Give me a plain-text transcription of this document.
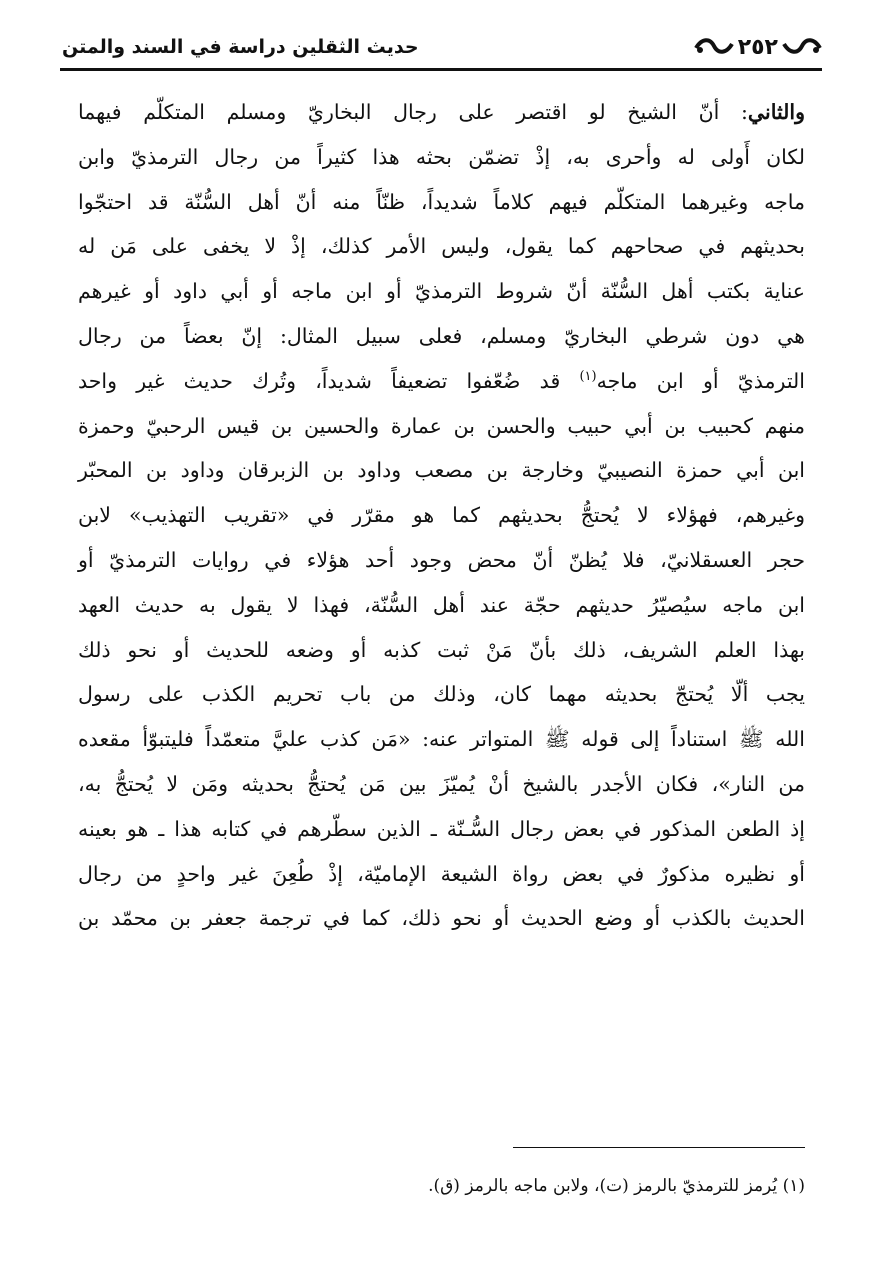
حديث الثقلين دراسة في السند والمتن	٢٥٢
والثاني: أنّ الشيخ لو اقتصر على رجال البخاريّ ومسلم المتكلّم فيهما
لكان أَولى له وأحرى به، إذْ تضمّن بحثه هذا كثيراً من رجال الترمذيّ وابن
ماجه وغيرهما المتكلّم فيهم كلاماً شديداً، ظنّاً منه أنّ أهل السُّنّة قد احتجّوا
بحديثهم في صحاحهم كما يقول، وليس الأمر كذلك، إذْ لا يخفى على مَن له
عناية بكتب أهل السُّنّة أنّ شروط الترمذيّ أو ابن ماجه أو أبي داود أو غيرهم
هي دون شرطي البخاريّ ومسلم، فعلى سبيل المثال: إنّ بعضاً من رجال
الترمذيّ أو ابن ماجه$^{(١)}$ قد ضُعّفوا تضعيفاً شديداً، وتُرك حديث غير واحد
منهم كحبيب بن أبي حبيب والحسن بن عمارة والحسين بن قيس الرحبيّ وحمزة
ابن أبي حمزة النصيبيّ وخارجة بن مصعب وداود بن الزبرقان وداود بن المحبّر
وغيرهم، فهؤلاء لا يُحتجُّ بحديثهم كما هو مقرّر في «تقريب التهذيب» لابن
حجر العسقلانيّ، فلا يُظنّ أنّ محض وجود أحد هؤلاء في روايات الترمذيّ أو
ابن ماجه سيُصيّرُ حديثهم حجّة عند أهل السُّنّة، فهذا لا يقول به حديث العهد
بهذا العلم الشريف، ذلك بأنّ مَنْ ثبت كذبه أو وضعه للحديث أو نحو ذلك
يجب ألّا يُحتجّ بحديثه مهما كان، وذلك من باب تحريم الكذب على رسول
الله ﷺ استناداً إلى قوله ﷺ المتواتر عنه: «مَن كذب عليَّ متعمّداً فليتبوّأ مقعده
من النار»، فكان الأجدر بالشيخ أنْ يُميّزَ بين مَن يُحتجُّ بحديثه ومَن لا يُحتجُّ به،
إذ الطعن المذكور في بعض رجال السُّـنّة ـ الذين سطّرهم في كتابه هذا ـ هو بعينه
أو نظيره مذكورٌ في بعض رواة الشيعة الإماميّة، إذْ طُعِنَ غير واحدٍ من رجال
الحديث بالكذب أو وضع الحديث أو نحو ذلك، كما في ترجمة جعفر بن محمّد بن

(١) يُرمز للترمذيّ بالرمز (ت)، ولابن ماجه بالرمز (ق).
